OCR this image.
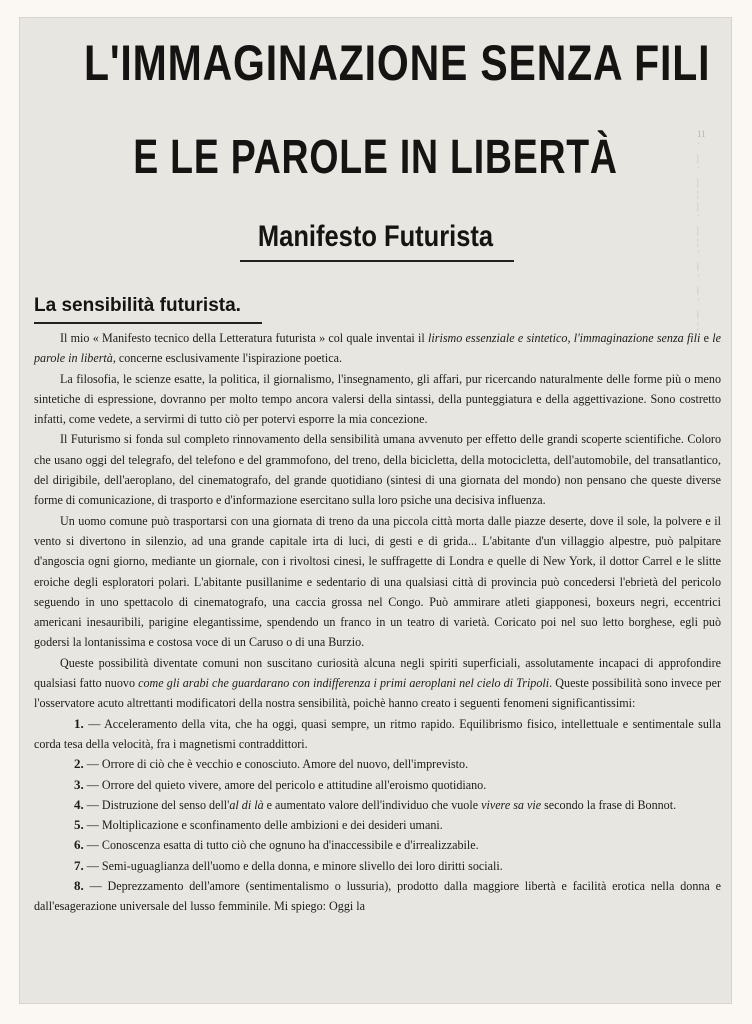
L'IMMAGINAZIONE SENZA FILI
E LE PAROLE IN LIBERTÀ
Manifesto Futurista
La sensibilità futurista.
11
ˈ
|
ˈ
|
¦
|
ˈ
|
¦
ˈ
|
ˈ
|
ˈ
|
¦

Il mio « Manifesto tecnico della Letteratura futurista » col quale inventai il lirismo essenziale e sintetico, l'immaginazione senza fili e le parole in libertà, concerne esclusivamente l'ispirazione poetica.

La filosofia, le scienze esatte, la politica, il giornalismo, l'insegnamento, gli affari, pur ricercando naturalmente delle forme più o meno sintetiche di espressione, dovranno per molto tempo ancora valersi della sintassi, della punteggiatura e della aggettivazione. Sono costretto infatti, come vedete, a servirmi di tutto ciò per potervi esporre la mia concezione.

Il Futurismo si fonda sul completo rinnovamento della sensibilità umana avvenuto per effetto delle grandi scoperte scientifiche. Coloro che usano oggi del telegrafo, del telefono e del grammofono, del treno, della bicicletta, della motocicletta, dell'automobile, del transatlantico, del dirigibile, dell'aeroplano, del cinematografo, del grande quotidiano (sintesi di una giornata del mondo) non pensano che queste diverse forme di comunicazione, di trasporto e d'informazione esercitano sulla loro psiche una decisiva influenza.

Un uomo comune può trasportarsi con una giornata di treno da una piccola città morta dalle piazze deserte, dove il sole, la polvere e il vento si divertono in silenzio, ad una grande capitale irta di luci, di gesti e di grida... L'abitante d'un villaggio alpestre, può palpitare d'angoscia ogni giorno, mediante un giornale, con i rivoltosi cinesi, le suffragette di Londra e quelle di New York, il dottor Carrel e le slitte eroiche degli esploratori polari. L'abitante pusillanime e sedentario di una qualsiasi città di provincia può concedersi l'ebrietà del pericolo seguendo in uno spettacolo di cinematografo, una caccia grossa nel Congo. Può ammirare atleti giapponesi, boxeurs negri, eccentrici americani inesauribili, parigine elegantissime, spendendo un franco in un teatro di varietà. Coricato poi nel suo letto borghese, egli può godersi la lontanissima e costosa voce di un Caruso o di una Burzio.

Queste possibilità diventate comuni non suscitano curiosità alcuna negli spiriti superficiali, assolutamente incapaci di approfondire qualsiasi fatto nuovo come gli arabi che guardarano con indifferenza i primi aeroplani nel cielo di Tripoli. Queste possibilità sono invece per l'osservatore acuto altrettanti modificatori della nostra sensibilità, poichè hanno creato i seguenti fenomeni significantissimi:

1. — Acceleramento della vita, che ha oggi, quasi sempre, un ritmo rapido. Equilibrismo fisico, intellettuale e sentimentale sulla corda tesa della velocità, fra i magnetismi contraddittori.

2. — Orrore di ciò che è vecchio e conosciuto. Amore del nuovo, dell'imprevisto.

3. — Orrore del quieto vivere, amore del pericolo e attitudine all'eroismo quotidiano.

4. — Distruzione del senso dell'al di là e aumentato valore dell'individuo che vuole vivere sa vie secondo la frase di Bonnot.

5. — Moltiplicazione e sconfinamento delle ambizioni e dei desideri umani.

6. — Conoscenza esatta di tutto ciò che ognuno ha d'inaccessibile e d'irrealizzabile.

7. — Semi-uguaglianza dell'uomo e della donna, e minore slivello dei loro diritti sociali.

8. — Deprezzamento dell'amore (sentimentalismo o lussuria), prodotto dalla maggiore libertà e facilità erotica nella donna e dall'esagerazione universale del lusso femminile. Mi spiego: Oggi la
